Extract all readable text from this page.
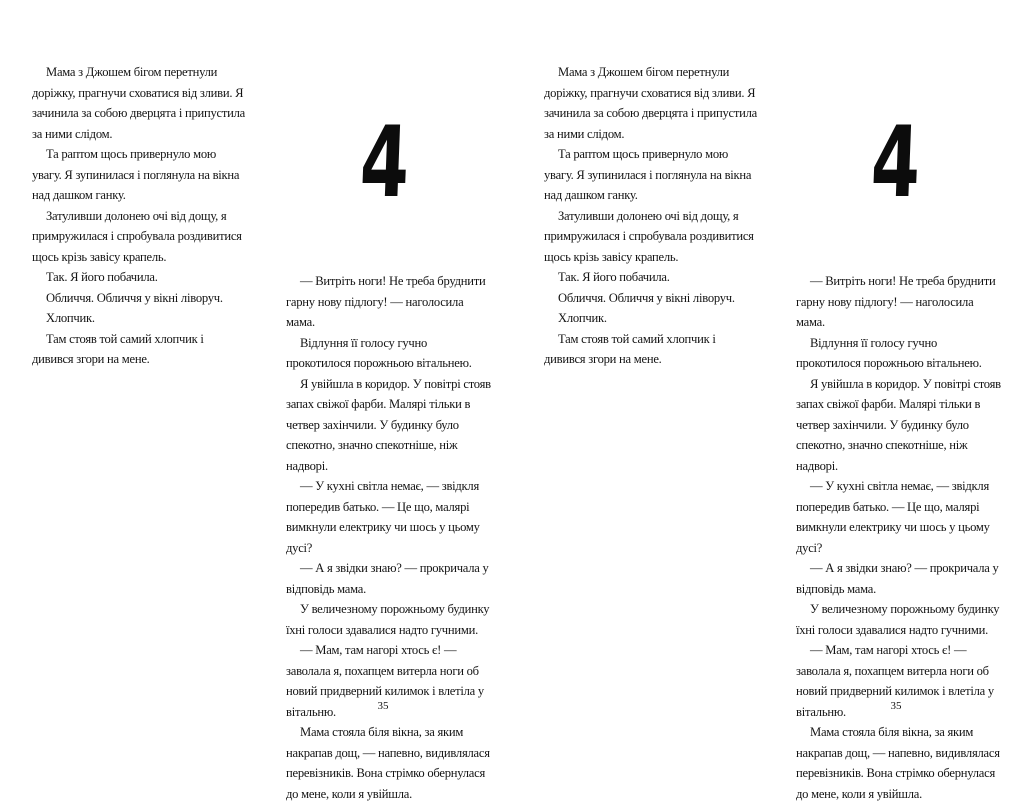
Мама з Джошем бігом перетнули доріжку, прагнучи сховатися від зливи. Я зачинила за собою дверцята і припустила за ними слідом.

Та раптом щось привернуло мою увагу. Я зупинилася і поглянула на вікна над дашком ганку.

Затуливши долонею очі від дощу, я примружилася і спробувала роздивитися щось крізь завісу крапель.

Так. Я його побачила.

Обличчя. Обличчя у вікні ліворуч.

Хлопчик.

Там стояв той самий хлопчик і дивився згори на мене.

4

— Витріть ноги! Не треба бруднити гарну нову підлогу! — наголосила мама.

Відлуння її голосу гучно прокотилося порожньою вітальнею.

Я увійшла в коридор. У повітрі стояв запах свіжої фарби. Малярі тільки в четвер захінчили. У будинку було спекотно, значно спекотніше, ніж надворі.

— У кухні світла немає, — звідкля попередив батько. — Це що, малярі вимкнули електрику чи шось у цьому дусі?

— А я звідки знаю? — прокричала у відповідь мама.

У величезному порожньому будинку їхні голоси здавалися надто гучними.

— Мам, там нагорі хтось є! — заволала я, похапцем витерла ноги об новий придверний килимок і влетіла у вітальню.

Мама стояла біля вікна, за яким накрапав дощ, — напевно, видивлялася перевізників. Вона стрімко обернулася до мене, коли я увійшла.

35

Мама з Джошем бігом перетнули доріжку, прагнучи сховатися від зливи. Я зачинила за собою дверцята і припустила за ними слідом.

Та раптом щось привернуло мою увагу. Я зупинилася і поглянула на вікна над дашком ганку.

Затуливши долонею очі від дощу, я примружилася і спробувала роздивитися щось крізь завісу крапель.

Так. Я його побачила.

Обличчя. Обличчя у вікні ліворуч.

Хлопчик.

Там стояв той самий хлопчик і дивився згори на мене.

4

— Витріть ноги! Не треба бруднити гарну нову підлогу! — наголосила мама.

Відлуння її голосу гучно прокотилося порожньою вітальнею.

Я увійшла в коридор. У повітрі стояв запах свіжої фарби. Малярі тільки в четвер захінчили. У будинку було спекотно, значно спекотніше, ніж надворі.

— У кухні світла немає, — звідкля попередив батько. — Це що, малярі вимкнули електрику чи шось у цьому дусі?

— А я звідки знаю? — прокричала у відповідь мама.

У величезному порожньому будинку їхні голоси здавалися надто гучними.

— Мам, там нагорі хтось є! — заволала я, похапцем витерла ноги об новий придверний килимок і влетіла у вітальню.

Мама стояла біля вікна, за яким накрапав дощ, — напевно, видивлялася перевізників. Вона стрімко обернулася до мене, коли я увійшла.

35
